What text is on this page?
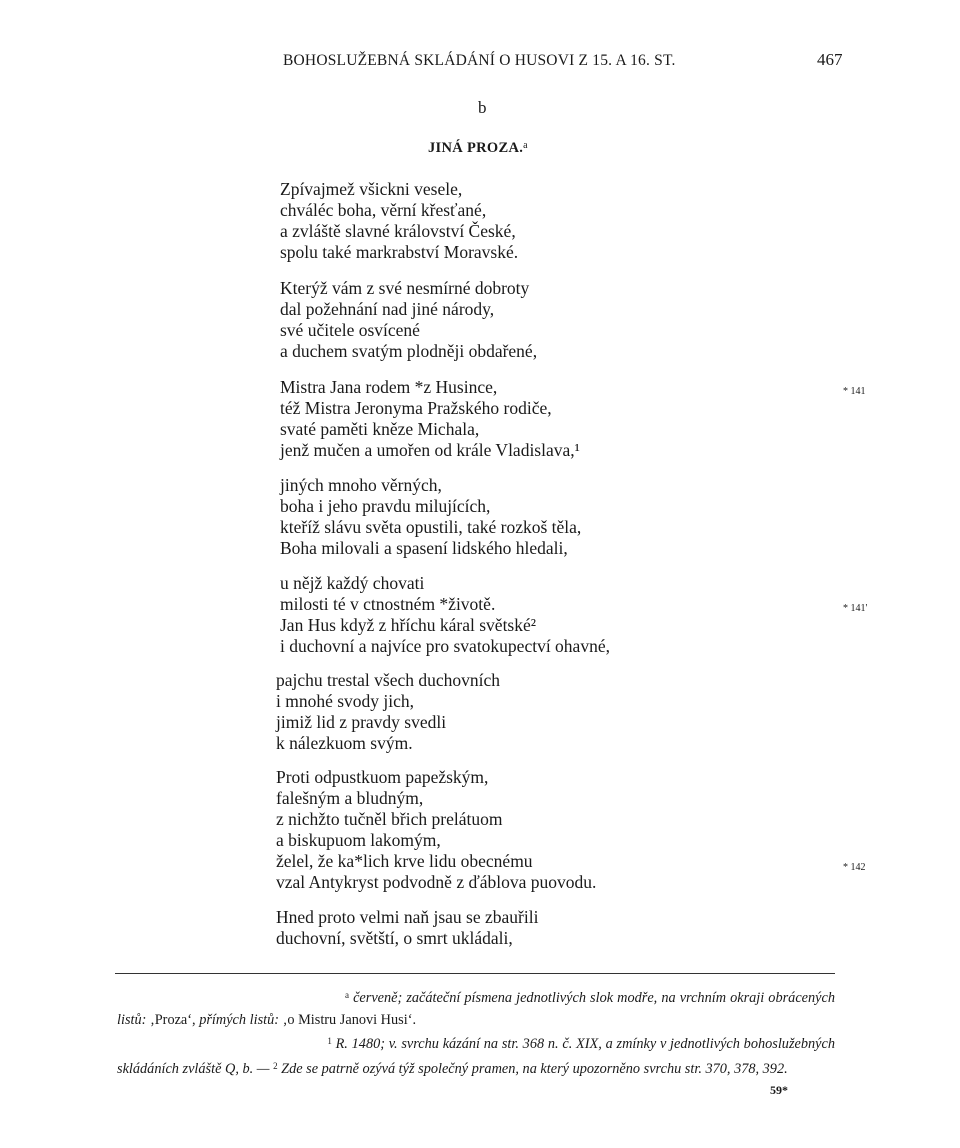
BOHOSLUŽEBNÁ SKLÁDÁNÍ O HUSOVI Z 15. A 16. ST.	467
b
JINÁ PROZA.$^a$
Zpívajmež všickni vesele,
chváléc boha, věrní křesťané,
a zvláště slavné království České,
spolu také markrabství Moravské.
Kterýž vám z své nesmírné dobroty
dal požehnání nad jiné národy,
své učitele osvícené
a duchem svatým plodněji obdařené,
Mistra Jana rodem *z Husince,
též Mistra Jeronyma Pražského rodiče,
svaté paměti kněze Michala,
jenž mučen a umořen od krále Vladislava,¹
jiných mnoho věrných,
boha i jeho pravdu milujících,
kteříž slávu světa opustili, také rozkoš těla,
Boha milovali a spasení lidského hledali,
u nějž každý chovati
milosti té v ctnostném *životě.
Jan Hus když z hříchu káral světské²
i duchovní a najvíce pro svatokupectví ohavné,
pajchu trestal všech duchovních
i mnohé svody jich,
jimiž lid z pravdy svedli
k nálezkuom svým.
Proti odpustkuom papežským,
falešným a bludným,
z nichžto tučněl břich prelátuom
a biskupuom lakomým,
želel, že ka*lich krve lidu obecnému
vzal Antykryst podvodně z ďáblova puovodu.
Hned proto velmi naň jsau se zbauřili
duchovní, světští, o smrt ukládali,
* 141
* 141'
* 142

$^a$ červeně; začáteční písmena jednotlivých slok modře, na vrchním okraji obrácených listů: ‚Proza‘, přímých listů: ‚o Mistru Janovi Husi‘.

$^1$ R. 1480; v. svrchu kázání na str. 368 n. č. XIX, a zmínky v jednotlivých bohoslužebných skládáních zvláště Q, b. — $^2$ Zde se patrně ozývá týž společný pramen, na který upozorněno svrchu str. 370, 378, 392.

59*
